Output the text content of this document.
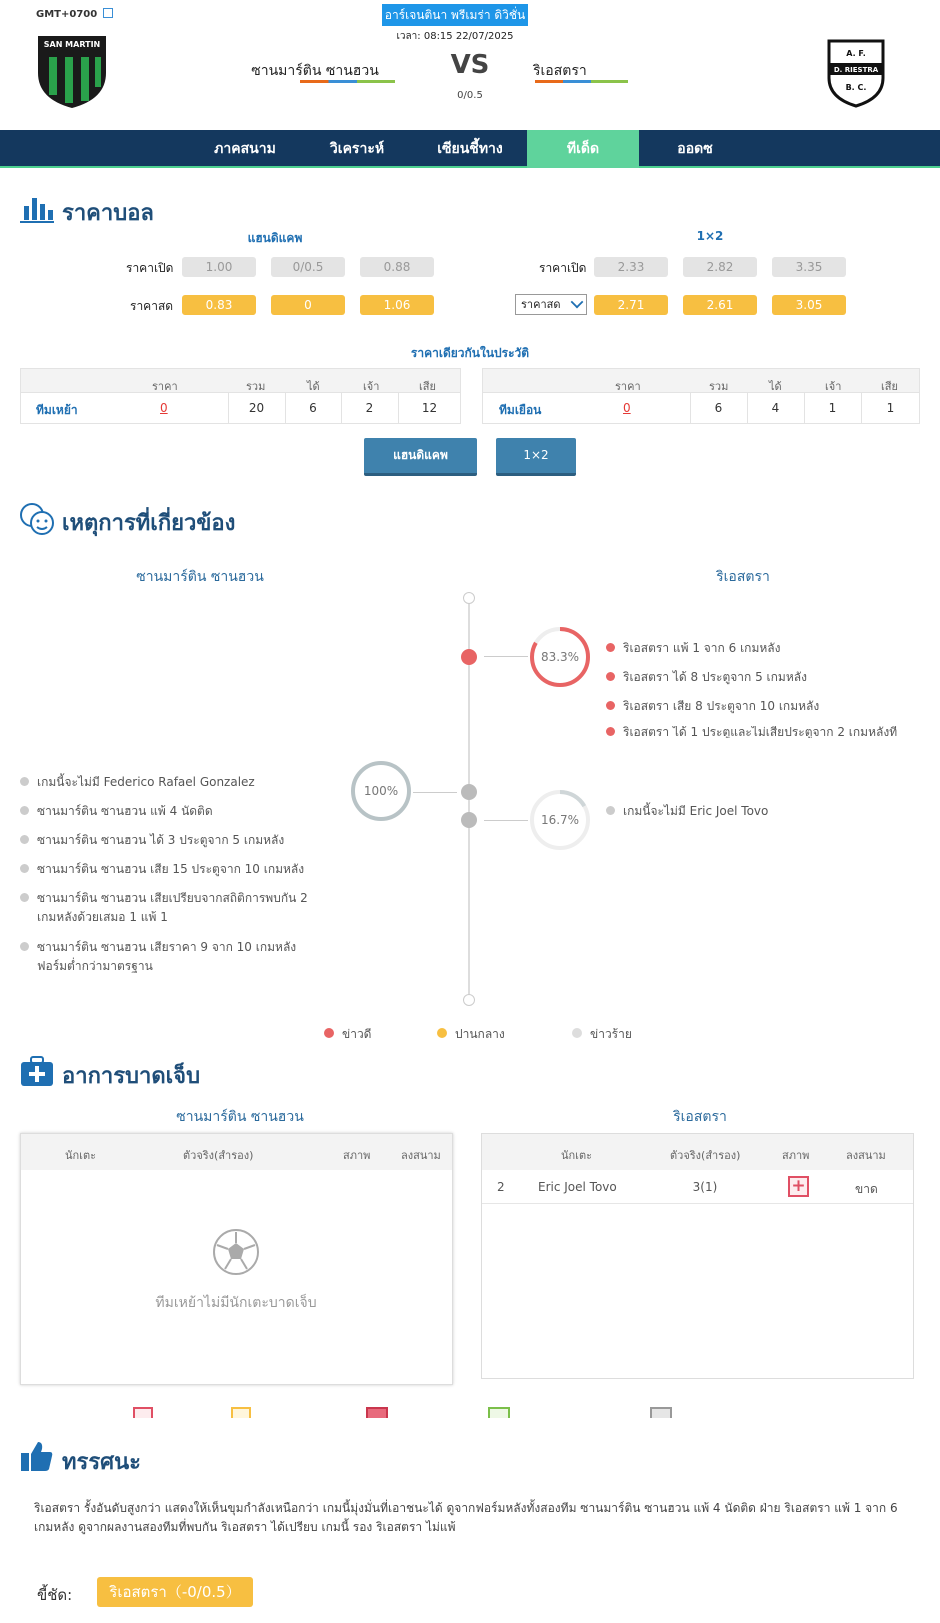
GMT+0700	อาร์เจนตินา พรีเมร่า ดิวิชั่น
เวลา: 08:15 22/07/2025
SAN MARTIN
ซานมาร์ติน ซานฮวน	VS
0/0.5
ริเอสตรา
A. F.
D. RIESTRA
B. C.
ภาคสนาม	วิเคราะห์	เซียนชี้ทาง	ทีเด็ด	ออดซ
ราคาบอล
แฮนดิแคพ	1×2
ราคาเปิด	1.00	0/0.5	0.88
ราคาสด	0.83	0	1.06
ราคาเปิด	2.33	2.82	3.35
ราคาสด	2.71	2.61	3.05
ราคาเดียวกันในประวัติ
ราคา	รวม	ได้	เจ้า	เสีย
ทีมเหย้า	0	20	6	2	12
ราคา	รวม	ได้	เจ้า	เสีย
ทีมเยือน	0	6	4	1	1
แฮนดิแคพ	1×2
เหตุการที่เกี่ยวข้อง
ซานมาร์ติน ซานฮวน	ริเอสตรา
83.3%
ริเอสตรา แพ้ 1 จาก 6 เกมหลัง
ริเอสตรา ได้ 8 ประตูจาก 5 เกมหลัง
ริเอสตรา เสีย 8 ประตูจาก 10 เกมหลัง
ริเอสตรา ได้ 1 ประตูและไม่เสียประตูจาก 2 เกมหลังที่
100%
เกมนี้จะไม่มี Federico Rafael Gonzalez
ซานมาร์ติน ซานฮวน แพ้ 4 นัดติด
ซานมาร์ติน ซานฮวน ได้ 3 ประตูจาก 5 เกมหลัง
ซานมาร์ติน ซานฮวน เสีย 15 ประตูจาก 10 เกมหลัง
ซานมาร์ติน ซานฮวน เสียเปรียบจากสถิติการพบกัน 2 เกมหลังด้วยเสมอ 1 แพ้ 1
ซานมาร์ติน ซานฮวน เสียราคา 9 จาก 10 เกมหลัง ฟอร์มต่ำกว่ามาตรฐาน
16.7%
เกมนี้จะไม่มี Eric Joel Tovo
ข่าวดี	ปานกลาง	ข่าวร้าย
อาการบาดเจ็บ
ซานมาร์ติน ซานฮวน	ริเอสตรา
นักเตะ	ตัวจริง(สำรอง)	สภาพ	ลงสนาม
ทีมเหย้าไม่มีนักเตะบาดเจ็บ
นักเตะ	ตัวจริง(สำรอง)	สภาพ	ลงสนาม
2	Eric Joel Tovo	3(1)	+	ขาด
ทรรศนะ
ริเอสตรา รั้งอันดับสูงกว่า แสดงให้เห็นขุมกำลังเหนือกว่า เกมนี้มุ่งมั่นที่เอาชนะได้ ดูจากฟอร์มหลังทั้งสองทีม ซานมาร์ติน ซานฮวน แพ้ 4 นัดติด ฝ่าย ริเอสตรา แพ้ 1 จาก 6 เกมหลัง ดูจากผลงานสองทีมที่พบกัน ริเอสตรา ได้เปรียบ เกมนี้ รอง ริเอสตรา ไม่แพ้
ขี้ชัด:	ริเอสตรา（-0/0.5）
